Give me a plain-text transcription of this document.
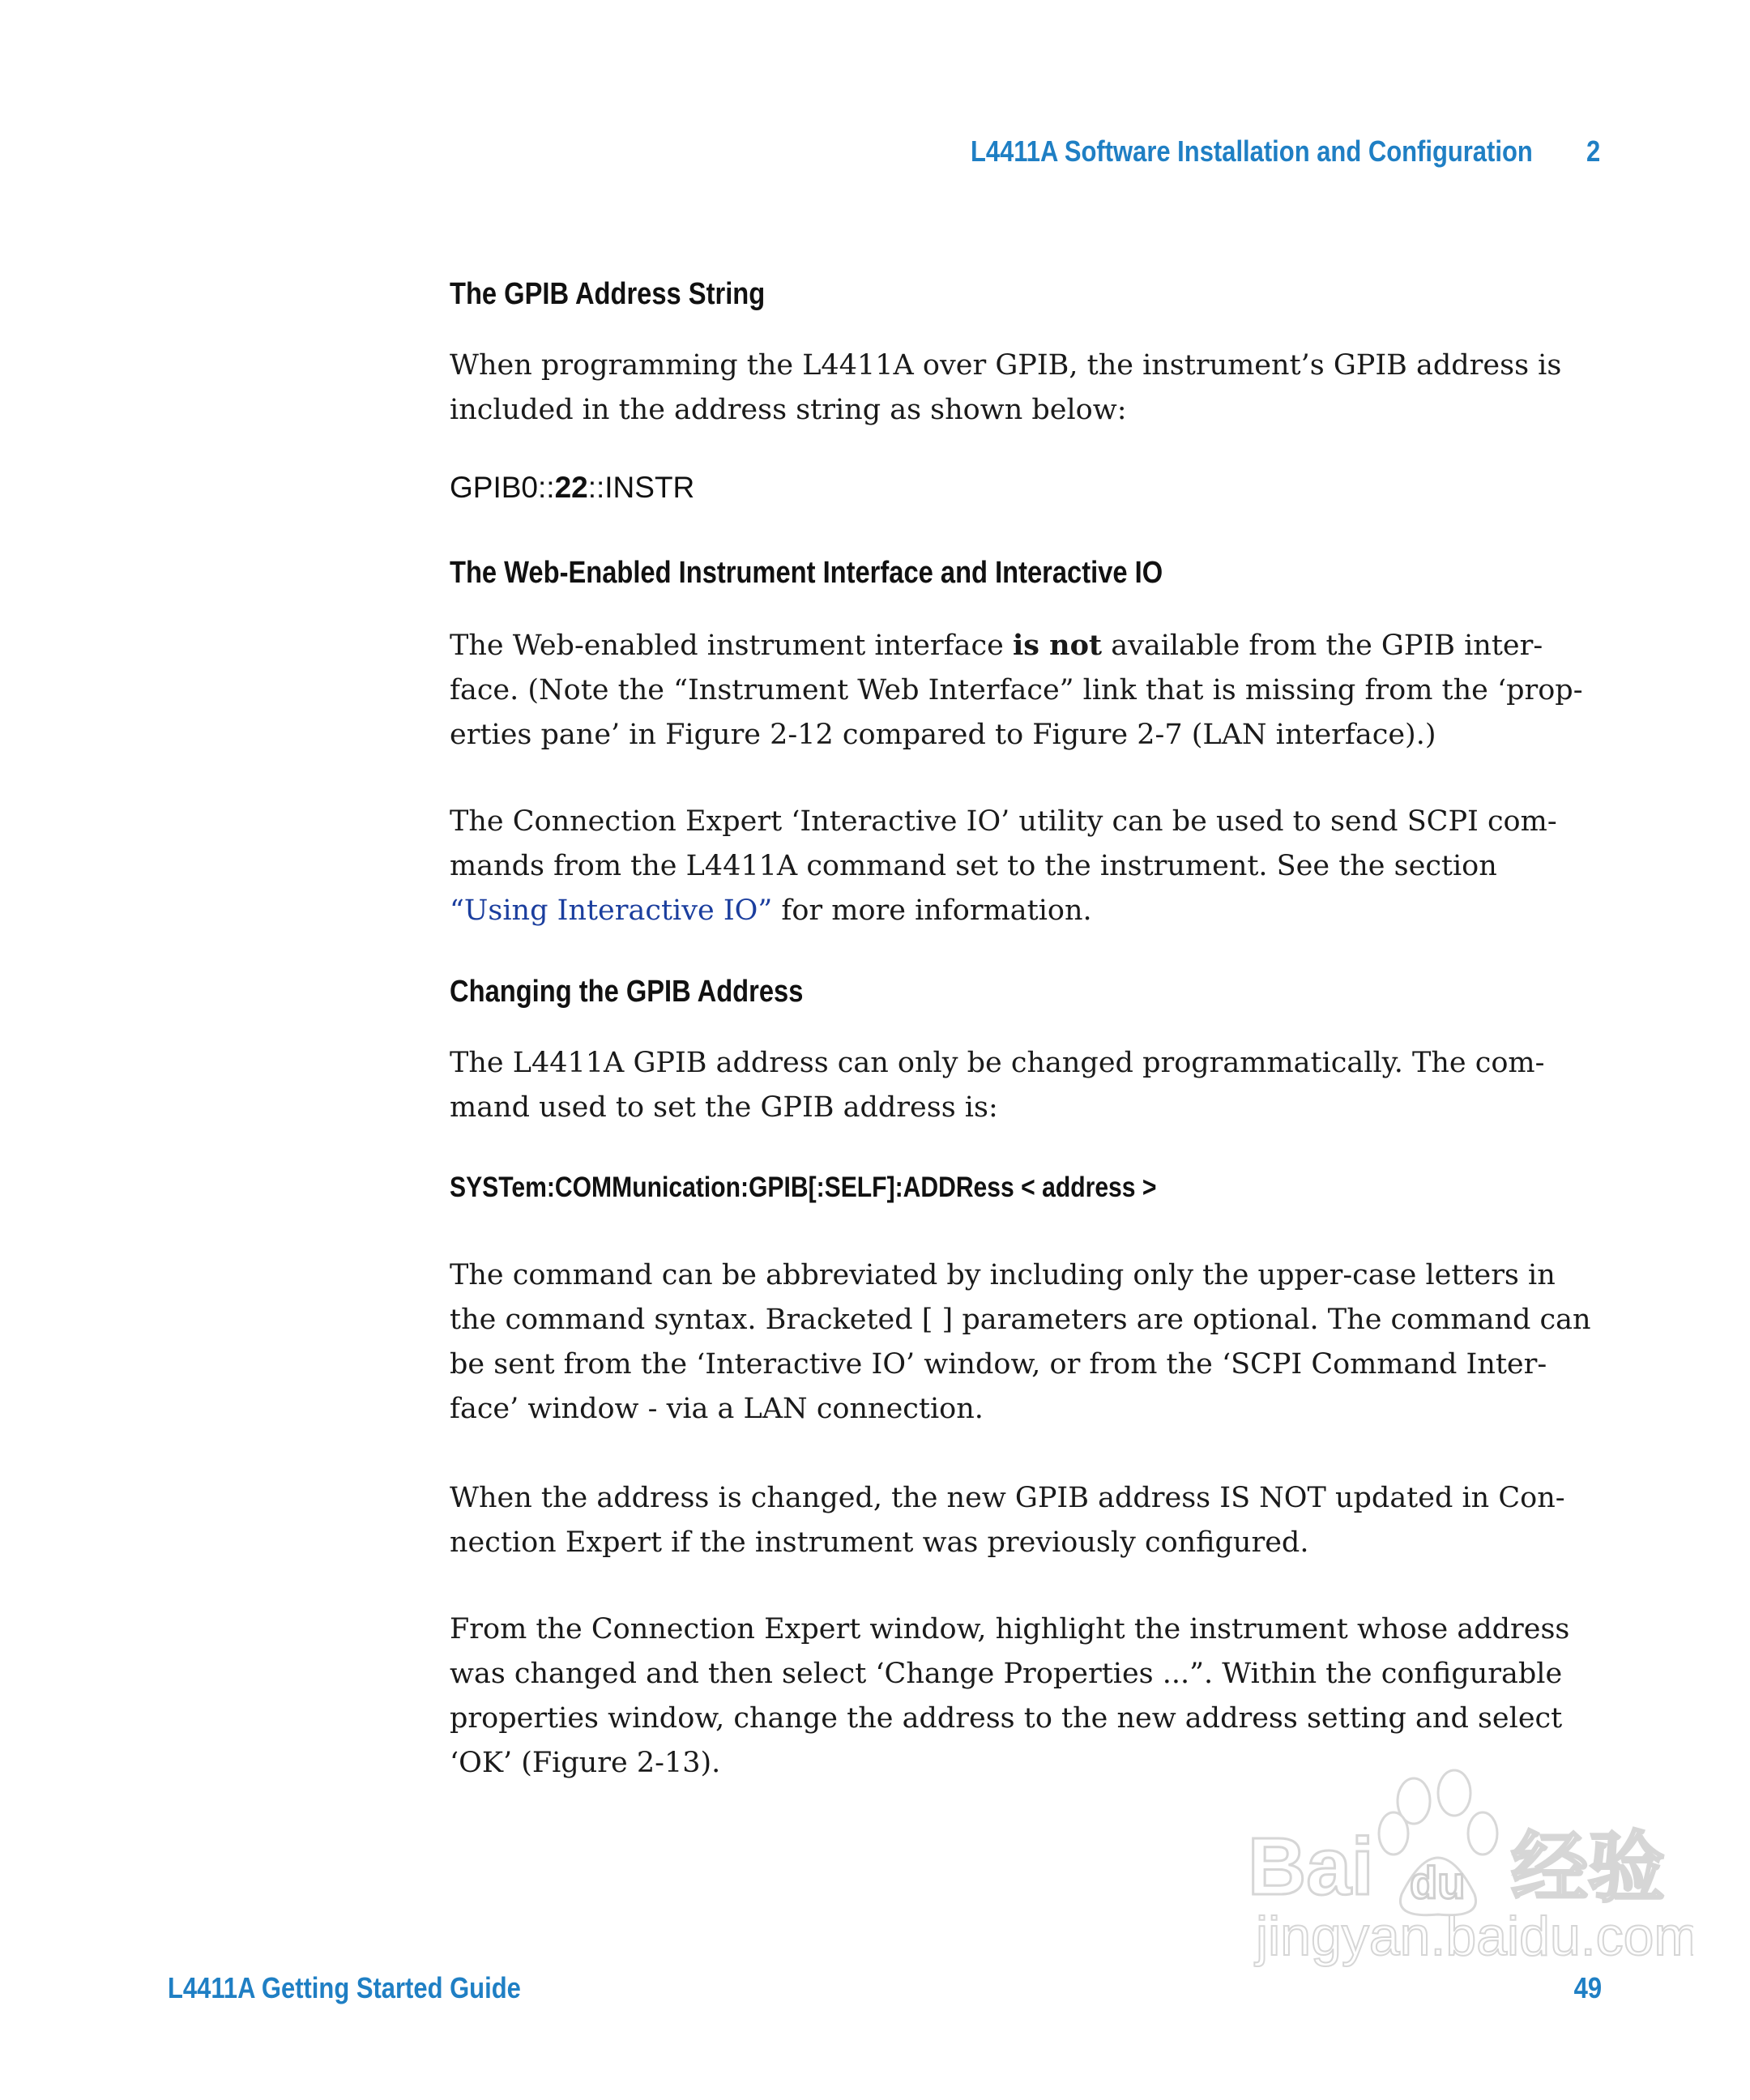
L4411A Software Installation and Configuration 2
The GPIB Address String
When programming the L4411A over GPIB, the instrument’s GPIB address is
included in the address string as shown below:
GPIB0::22::INSTR
The Web-Enabled Instrument Interface and Interactive IO
The Web-enabled instrument interface is not available from the GPIB inter-
face. (Note the “Instrument Web Interface” link that is missing from the ‘prop-
erties pane’ in Figure 2-12 compared to Figure 2-7 (LAN interface).)
The Connection Expert ‘Interactive IO’ utility can be used to send SCPI com-
mands from the L4411A command set to the instrument. See the section
“Using Interactive IO” for more information.
Changing the GPIB Address
The L4411A GPIB address can only be changed programmatically. The com-
mand used to set the GPIB address is:
SYSTem:COMMunication:GPIB[:SELF]:ADDRess < address >
The command can be abbreviated by including only the upper-case letters in
the command syntax. Bracketed [ ] parameters are optional. The command can
be sent from the ‘Interactive IO’ window, or from the ‘SCPI Command Inter-
face’ window - via a LAN connection.
When the address is changed, the new GPIB address IS NOT updated in Con-
nection Expert if the instrument was previously configured.
From the Connection Expert window, highlight the instrument whose address
was changed and then select ‘Change Properties ...”. Within the configurable
properties window, change the address to the new address setting and select
‘OK’ (Figure 2-13).
Bai du 经验
jingyan.baidu.com
L4411A Getting Started Guide	49
